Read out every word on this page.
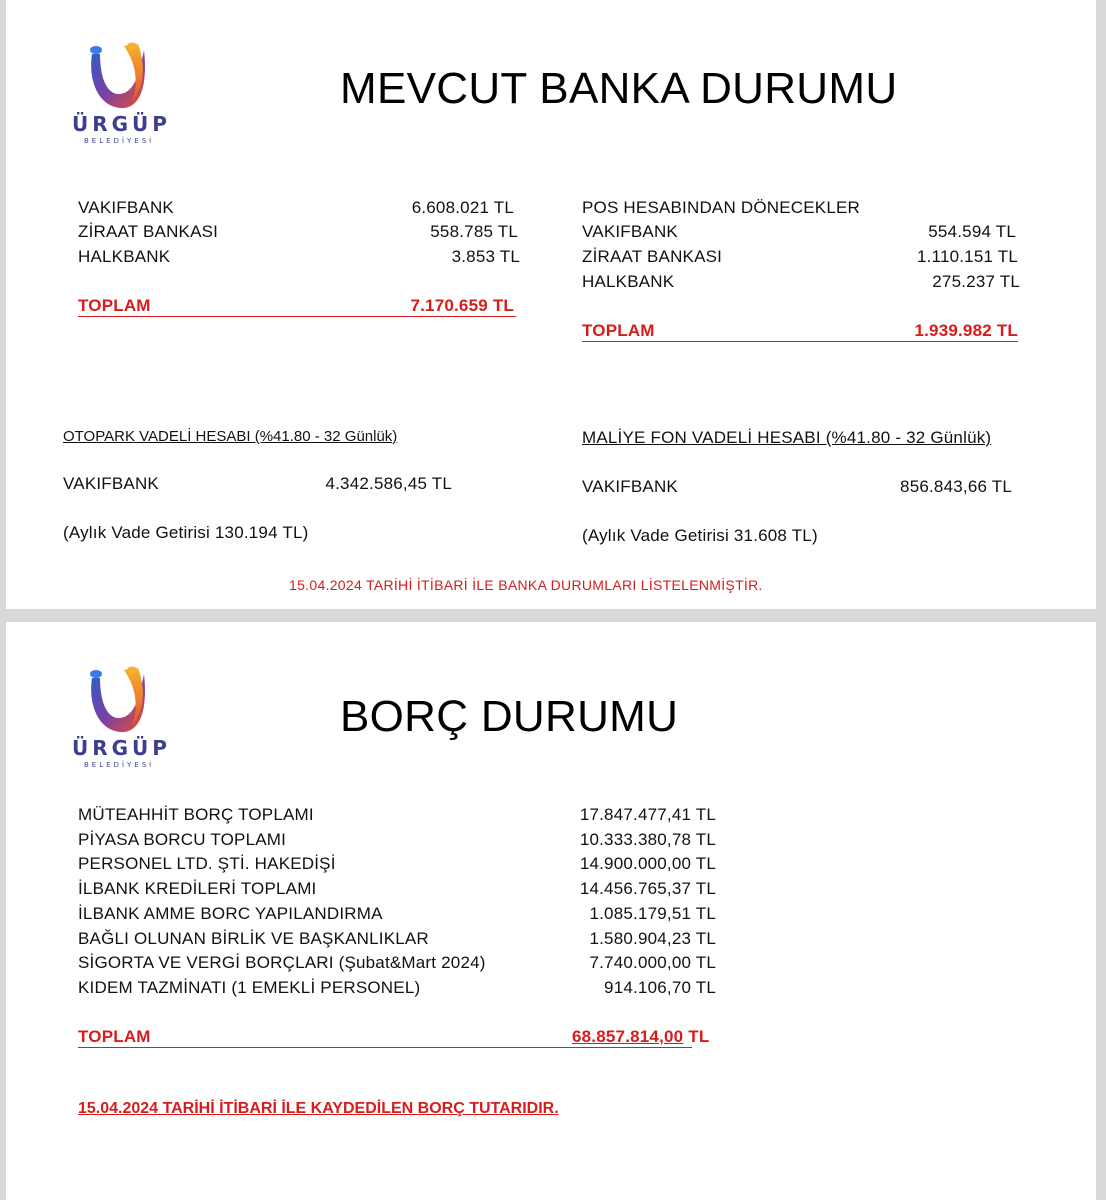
ÜRGÜP
BELEDİYESİ
MEVCUT BANKA DURUMU
VAKIFBANK	6.608.021 TL
ZİRAAT BANKASI	558.785 TL
HALKBANK	3.853 TL
TOPLAM	7.170.659 TL
POS HESABINDAN DÖNECEKLER
VAKIFBANK	554.594 TL
ZİRAAT BANKASI	1.110.151 TL
HALKBANK	275.237 TL
TOPLAM	1.939.982 TL
OTOPARK VADELİ HESABI (%41.80 - 32 Günlük)
VAKIFBANK	4.342.586,45 TL
(Aylık Vade Getirisi 130.194 TL)
MALİYE FON VADELİ HESABI (%41.80 - 32 Günlük)
VAKIFBANK	856.843,66 TL
(Aylık Vade Getirisi 31.608 TL)
15.04.2024 TARİHİ İTİBARİ İLE BANKA DURUMLARI LİSTELENMİŞTİR.
ÜRGÜP
BELEDİYESİ
BORÇ DURUMU
MÜTEAHHİT BORÇ TOPLAMI	17.847.477,41 TL
PİYASA BORCU TOPLAMI	10.333.380,78 TL
PERSONEL LTD. ŞTİ. HAKEDİŞİ	14.900.000,00 TL
İLBANK KREDİLERİ TOPLAMI	14.456.765,37 TL
İLBANK AMME BORC YAPILANDIRMA	1.085.179,51 TL
BAĞLI OLUNAN BİRLİK VE BAŞKANLIKLAR	1.580.904,23 TL
SİGORTA VE VERGİ BORÇLARI (Şubat&Mart 2024)	7.740.000,00 TL
KIDEM TAZMİNATI (1 EMEKLİ PERSONEL)	914.106,70 TL
TOPLAM	68.857.814,00 TL
15.04.2024 TARİHİ İTİBARİ İLE KAYDEDİLEN BORÇ TUTARIDIR.
